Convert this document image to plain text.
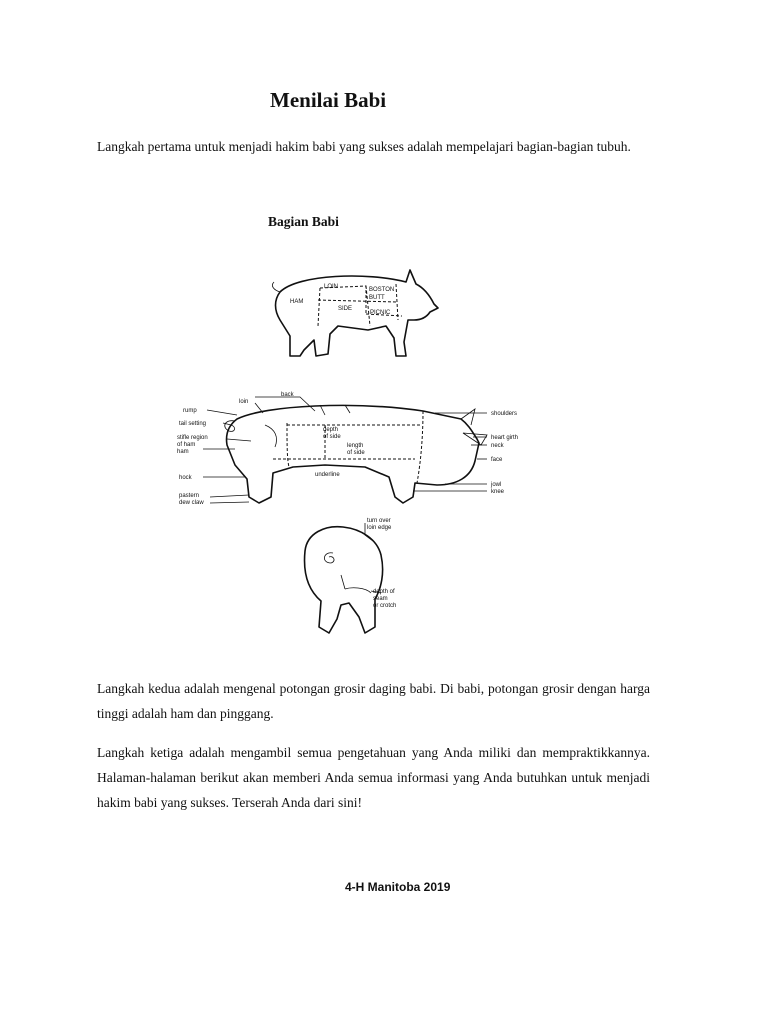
Menilai Babi
Langkah pertama untuk menjadi hakim babi yang sukses adalah mempelajari bagian-bagian tubuh.
Bagian Babi
LOIN	BOSTON
BUTT
HAM
SIDE
PICNIC
back
loin
rump
tail setting
stifle region
of ham
ham
hock
pastern
dew claw
depth
of side
length
of side
underline
shoulders
heart girth
neck
face
jowl
knee
turn over
loin edge
depth of
seam
or crotch
Langkah kedua adalah mengenal potongan grosir daging babi. Di babi, potongan grosir dengan harga tinggi adalah ham dan pinggang.
Langkah ketiga adalah mengambil semua pengetahuan yang Anda miliki dan mempraktikkannya. Halaman-halaman berikut akan memberi Anda semua informasi yang Anda butuhkan untuk menjadi hakim babi yang sukses. Terserah Anda dari sini!
4-H Manitoba 2019
